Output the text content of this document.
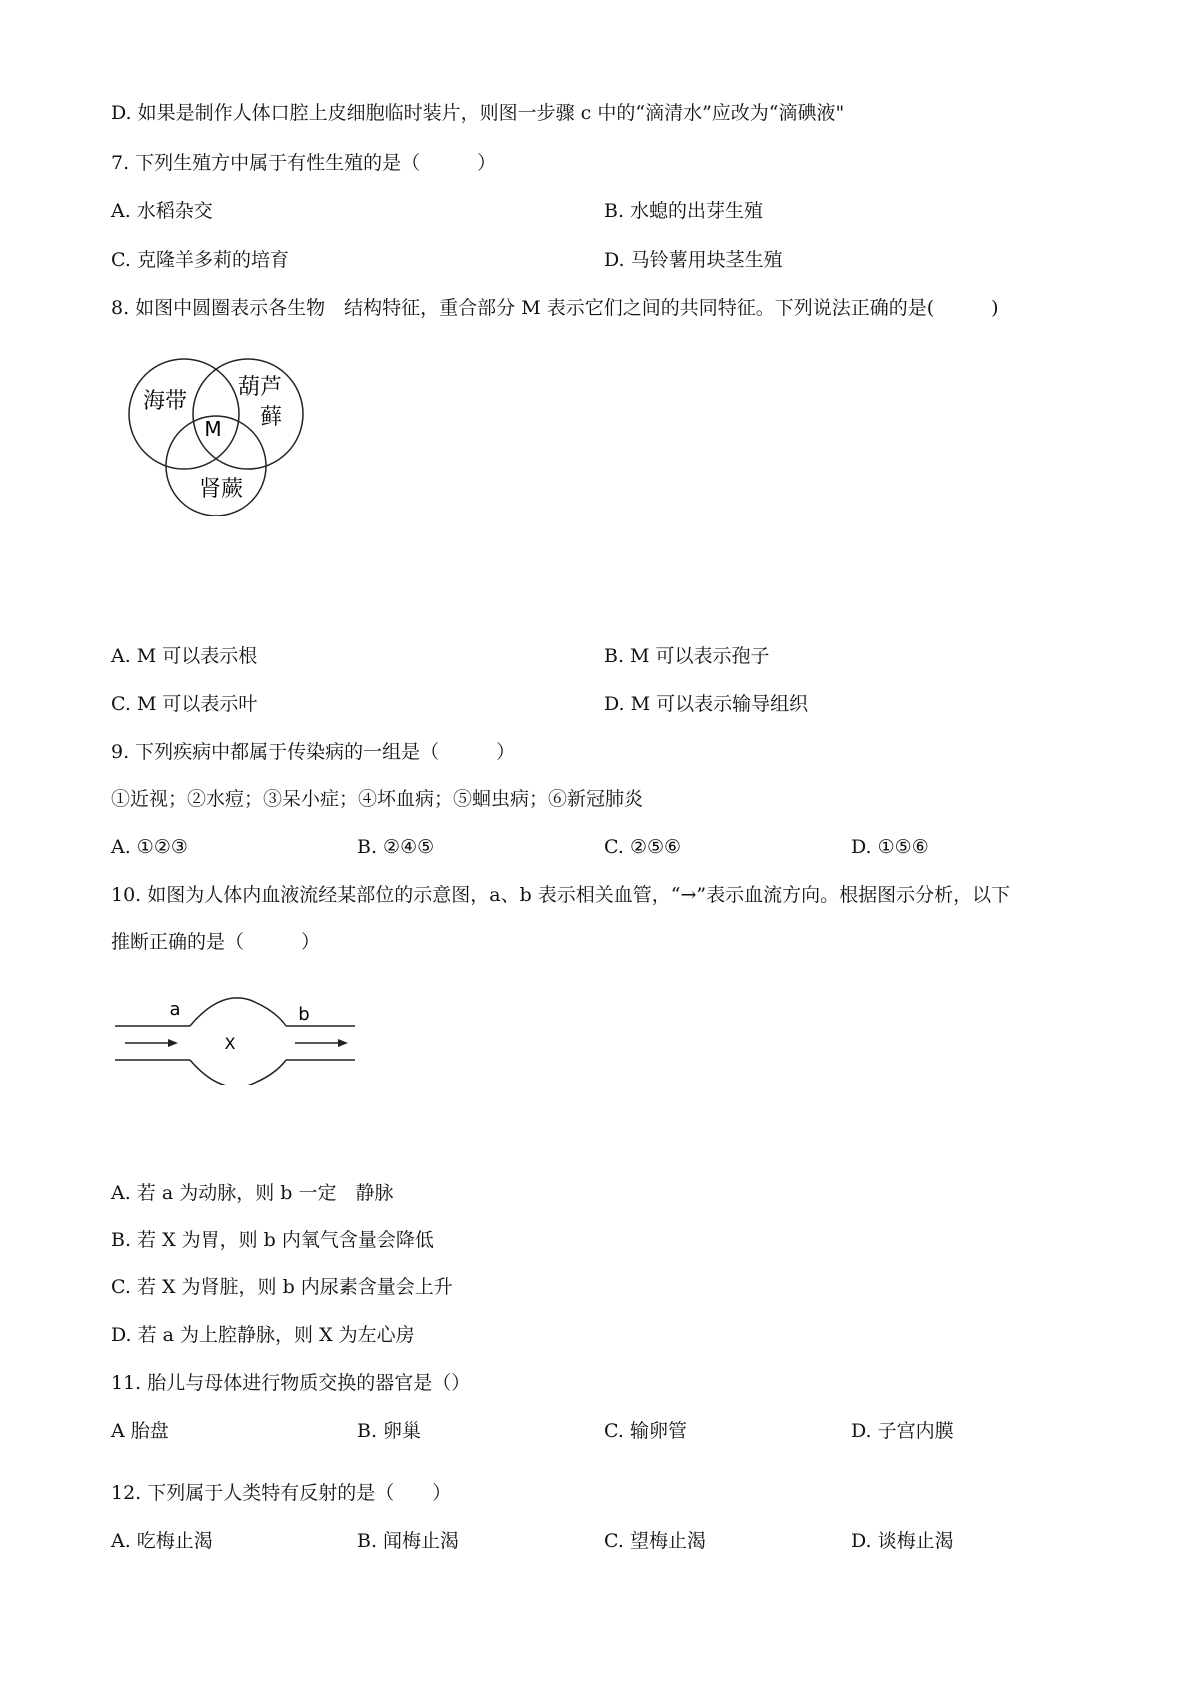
D. 如果是制作人体口腔上皮细胞临时装片，则图一步骤 c 中的“滴清水”应改为“滴碘液"
7. 下列生殖方中属于有性生殖的是（　　　）
A. 水稻杂交	B. 水螅的出芽生殖
C. 克隆羊多莉的培育	D. 马铃薯用块茎生殖
8. 如图中圆圈表示各生物　结构特征，重合部分 M 表示它们之间的共同特征。下列说法正确的是(　　　)
海带
葫芦
藓
肾蕨
M
A. M 可以表示根	B. M 可以表示孢子
C. M 可以表示叶	D. M 可以表示输导组织
9. 下列疾病中都属于传染病的一组是（　　　）
①近视；②水痘；③呆小症；④坏血病；⑤蛔虫病；⑥新冠肺炎
A. ①②③	B. ②④⑤	C. ②⑤⑥	D. ①⑤⑥
10. 如图为人体内血液流经某部位的示意图，a、b 表示相关血管，“→”表示血流方向。根据图示分析，以下
推断正确的是（　　　）
a	b
X
A. 若 a 为动脉，则 b 一定　静脉
B. 若 X 为胃，则 b 内氧气含量会降低
C. 若 X 为肾脏，则 b 内尿素含量会上升
D. 若 a 为上腔静脉，则 X 为左心房
11. 胎儿与母体进行物质交换的器官是（）
A 胎盘	B. 卵巢	C. 输卵管	D. 子宫内膜
12. 下列属于人类特有反射的是（　　）
A. 吃梅止渴	B. 闻梅止渴	C. 望梅止渴	D. 谈梅止渴
